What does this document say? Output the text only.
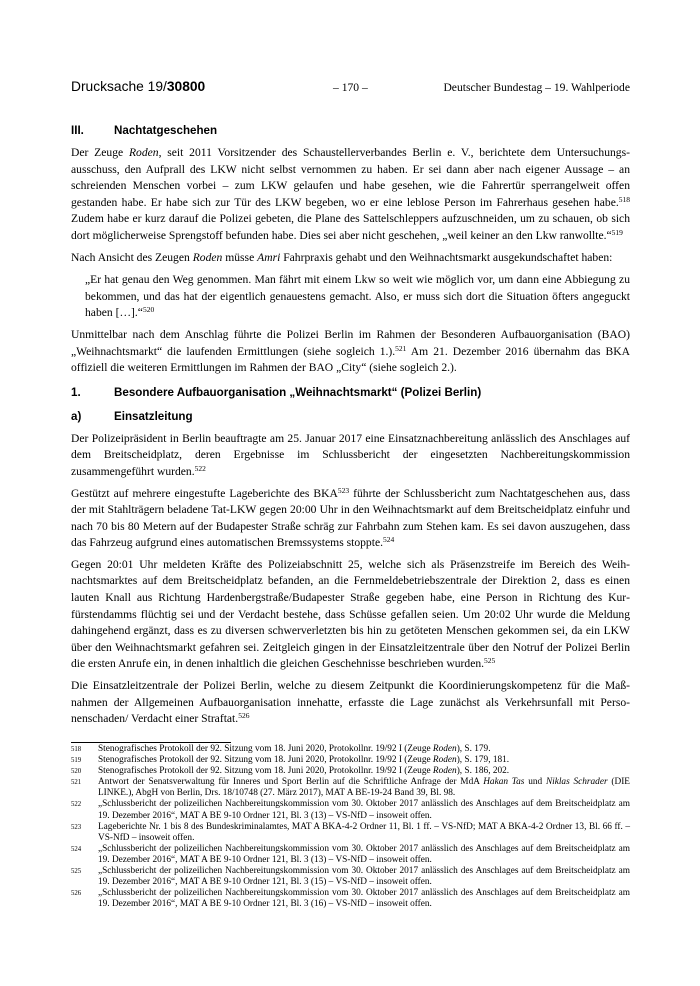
Drucksache 19/30800	– 170 –	Deutscher Bundestag – 19. Wahlperiode
III.	Nachtatgeschehen

Der Zeuge Roden, seit 2011 Vorsitzender des Schaustellerverbandes Berlin e. V., berichtete dem Untersuchungsausschuss, den Aufprall des LKW nicht selbst vernommen zu haben. Er sei dann aber nach eigener Aussage – an schreienden Menschen vorbei – zum LKW gelaufen und habe gesehen, wie die Fahrertür sperrangelweit offen gestanden habe. Er habe sich zur Tür des LKW begeben, wo er eine leblose Person im Fahrerhaus gesehen habe.$^{518}$ Zudem habe er kurz darauf die Polizei gebeten, die Plane des Sattelschleppers aufzuschneiden, um zu schauen, ob sich dort möglicherweise Sprengstoff befunden habe. Dies sei aber nicht geschehen, „weil keiner an den Lkw ranwollte.“$^{519}$

Nach Ansicht des Zeugen Roden müsse Amri Fahrpraxis gehabt und den Weihnachtsmarkt ausgekundschaftet haben:

„Er hat genau den Weg genommen. Man fährt mit einem Lkw so weit wie möglich vor, um dann eine Abbiegung zu bekommen, und das hat der eigentlich genauestens gemacht. Also, er muss sich dort die Situation öfters angeguckt haben […].“$^{520}$

Unmittelbar nach dem Anschlag führte die Polizei Berlin im Rahmen der Besonderen Aufbauorganisation (BAO) „Weihnachtsmarkt“ die laufenden Ermittlungen (siehe sogleich 1.).$^{521}$ Am 21. Dezember 2016 übernahm das BKA offiziell die weiteren Ermittlungen im Rahmen der BAO „City“ (siehe sogleich 2.).

1.	Besondere Aufbauorganisation „Weihnachtsmarkt“ (Polizei Berlin)
a)	Einsatzleitung

Der Polizeipräsident in Berlin beauftragte am 25. Januar 2017 eine Einsatznachbereitung anlässlich des Anschlages auf dem Breitscheidplatz, deren Ergebnisse im Schlussbericht der eingesetzten Nachbereitungskommission zusammengeführt wurden.$^{522}$

Gestützt auf mehrere eingestufte Lageberichte des BKA$^{523}$ führte der Schlussbericht zum Nachtatgeschehen aus, dass der mit Stahlträgern beladene Tat-LKW gegen 20:00 Uhr in den Weihnachtsmarkt auf dem Breitscheidplatz einfuhr und nach 70 bis 80 Metern auf der Budapester Straße schräg zur Fahrbahn zum Stehen kam. Es sei davon auszugehen, dass das Fahrzeug aufgrund eines automatischen Bremssystems stoppte.$^{524}$

Gegen 20:01 Uhr meldeten Kräfte des Polizeiabschnitt 25, welche sich als Präsenzstreife im Bereich des Weihnachtsmarktes auf dem Breitscheidplatz befanden, an die Fernmeldebetriebszentrale der Direktion 2, dass es einen lauten Knall aus Richtung Hardenbergstraße/Budapester Straße gegeben habe, eine Person in Richtung des Kurfürstendamms flüchtig sei und der Verdacht bestehe, dass Schüsse gefallen seien. Um 20:02 Uhr wurde die Meldung dahingehend ergänzt, dass es zu diversen schwerverletzten bis hin zu getöteten Menschen gekommen sei, da ein LKW über den Weihnachtsmarkt gefahren sei. Zeitgleich gingen in der Einsatzleitzentrale über den Notruf der Polizei Berlin die ersten Anrufe ein, in denen inhaltlich die gleichen Geschehnisse beschrieben wurden.$^{525}$

Die Einsatzleitzentrale der Polizei Berlin, welche zu diesem Zeitpunkt die Koordinierungskompetenz für die Maßnahmen der Allgemeinen Aufbauorganisation innehatte, erfasste die Lage zunächst als Verkehrsunfall mit Personenschaden/ Verdacht einer Straftat.$^{526}$

518	Stenografisches Protokoll der 92. Sitzung vom 18. Juni 2020, Protokollnr. 19/92 I (Zeuge Roden), S. 179.
519	Stenografisches Protokoll der 92. Sitzung vom 18. Juni 2020, Protokollnr. 19/92 I (Zeuge Roden), S. 179, 181.
520	Stenografisches Protokoll der 92. Sitzung vom 18. Juni 2020, Protokollnr. 19/92 I (Zeuge Roden), S. 186, 202.
521	Antwort der Senatsverwaltung für Inneres und Sport Berlin auf die Schriftliche Anfrage der MdA Hakan Tas und Niklas Schrader (DIE LINKE.), AbgH von Berlin, Drs. 18/10748 (27. März 2017), MAT A BE-19-24 Band 39, Bl. 98.
522	„Schlussbericht der polizeilichen Nachbereitungskommission vom 30. Oktober 2017 anlässlich des Anschlages auf dem Breitscheidplatz am 19. Dezember 2016“, MAT A BE 9-10 Ordner 121, Bl. 3 (13) – VS-NfD – insoweit offen.
523	Lageberichte Nr. 1 bis 8 des Bundeskriminalamtes, MAT A BKA-4-2 Ordner 11, Bl. 1 ff. – VS-NfD; MAT A BKA-4-2 Ordner 13, Bl. 66 ff. – VS-NfD – insoweit offen.
524	„Schlussbericht der polizeilichen Nachbereitungskommission vom 30. Oktober 2017 anlässlich des Anschlages auf dem Breitscheidplatz am 19. Dezember 2016“, MAT A BE 9-10 Ordner 121, Bl. 3 (13) – VS-NfD – insoweit offen.
525	„Schlussbericht der polizeilichen Nachbereitungskommission vom 30. Oktober 2017 anlässlich des Anschlages auf dem Breitscheidplatz am 19. Dezember 2016“, MAT A BE 9-10 Ordner 121, Bl. 3 (15) – VS-NfD – insoweit offen.
526	„Schlussbericht der polizeilichen Nachbereitungskommission vom 30. Oktober 2017 anlässlich des Anschlages auf dem Breitscheidplatz am 19. Dezember 2016“, MAT A BE 9-10 Ordner 121, Bl. 3 (16) – VS-NfD – insoweit offen.
